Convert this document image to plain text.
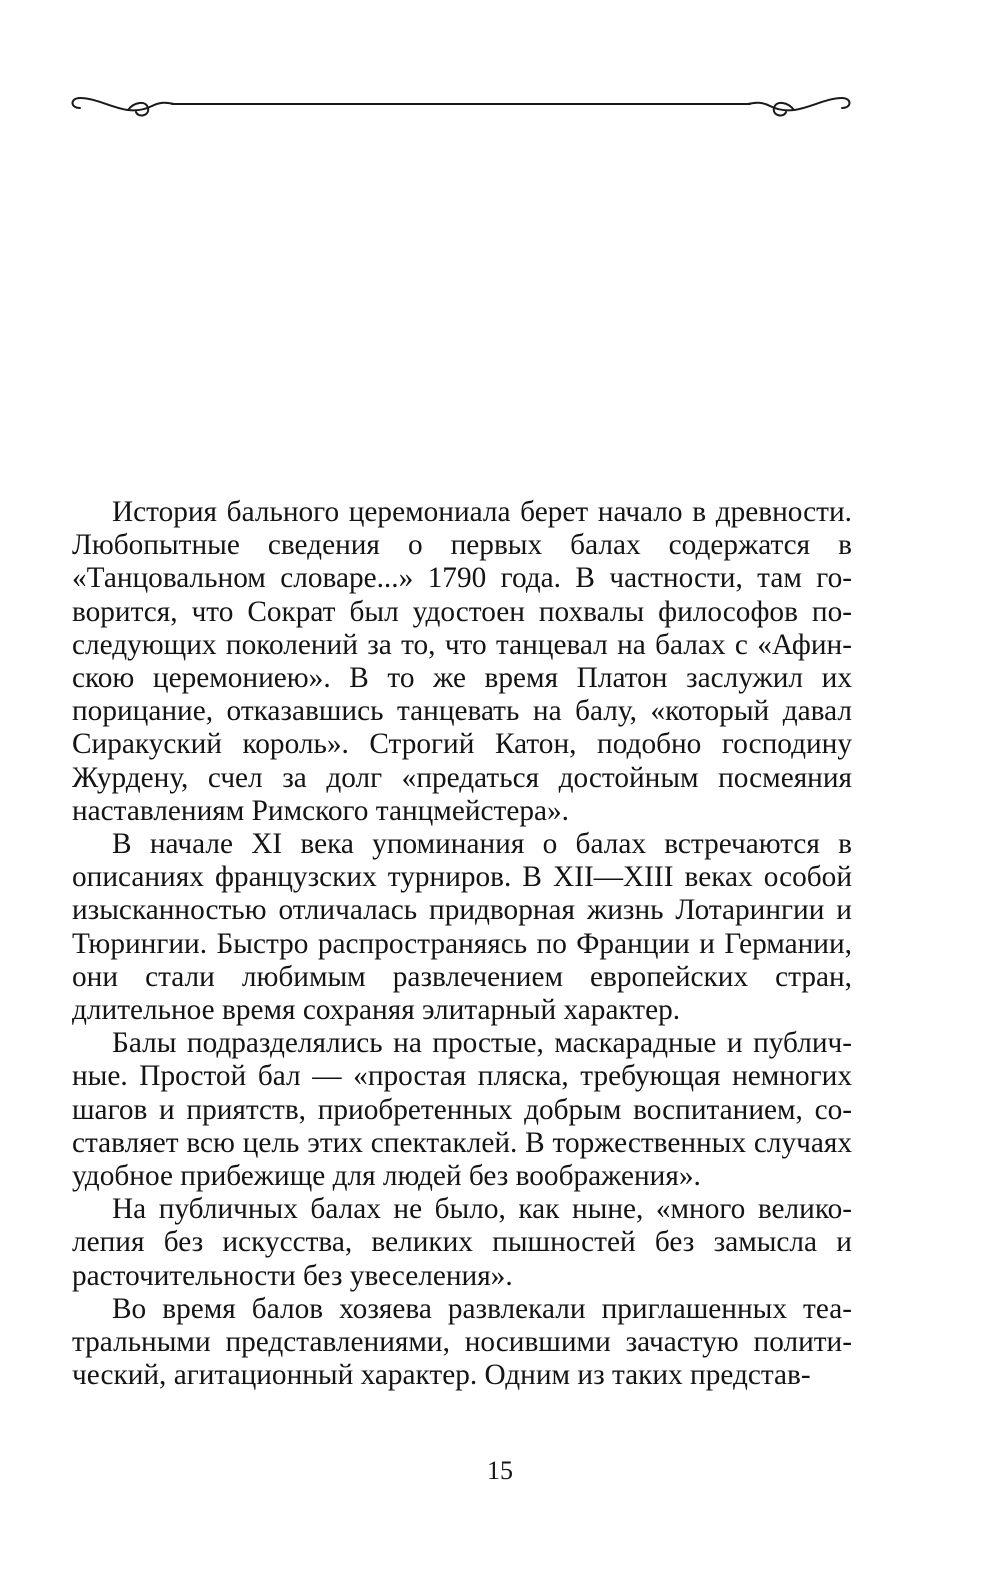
История бальнoго церемониала берет начало в древности. Любопытные сведения о первых балах содержатся в «Танцовальном словаре...» 1790 года. В частности, там говорится, что Сократ был удостоен похвалы философов последующих поколений за то, что танцевал на балах с «Афинскою церемониею». В то же время Платон заслужил их порицание, отказавшись танцевать на балу, «который давал Сиракуский король». Строгий Катон, подобно господину Журдену, счел за долг «предаться достойным посмеяния наставлениям Римского танцмейстера».

В начале XI века упоминания о балах встречаются в описаниях французских турниров. В XII—XIII веках особой изысканностью отличалась придворная жизнь Лотарингии и Тюрингии. Быстро распространяясь по Франции и Германии, они стали любимым развлечением европейских стран, длительное время сохраняя элитарный характер.

Балы подразделялись на простые, маскарадные и публичные. Простой бал — «простая пляска, требующая немногих шагов и приятств, приобретенных добрым воспитанием, составляет всю цель этих спектаклей. В торжественных случаях удобное прибежище для людей без воображения».

На публичных балах не было, как ныне, «много великолепия без искусства, великих пышностей без замысла и расточительности без увеселения».

Во время балов хозяева развлекали приглашенных театральными представлениями, носившими зачастую политический, агитационный характер. Одним из таких представ-

15
